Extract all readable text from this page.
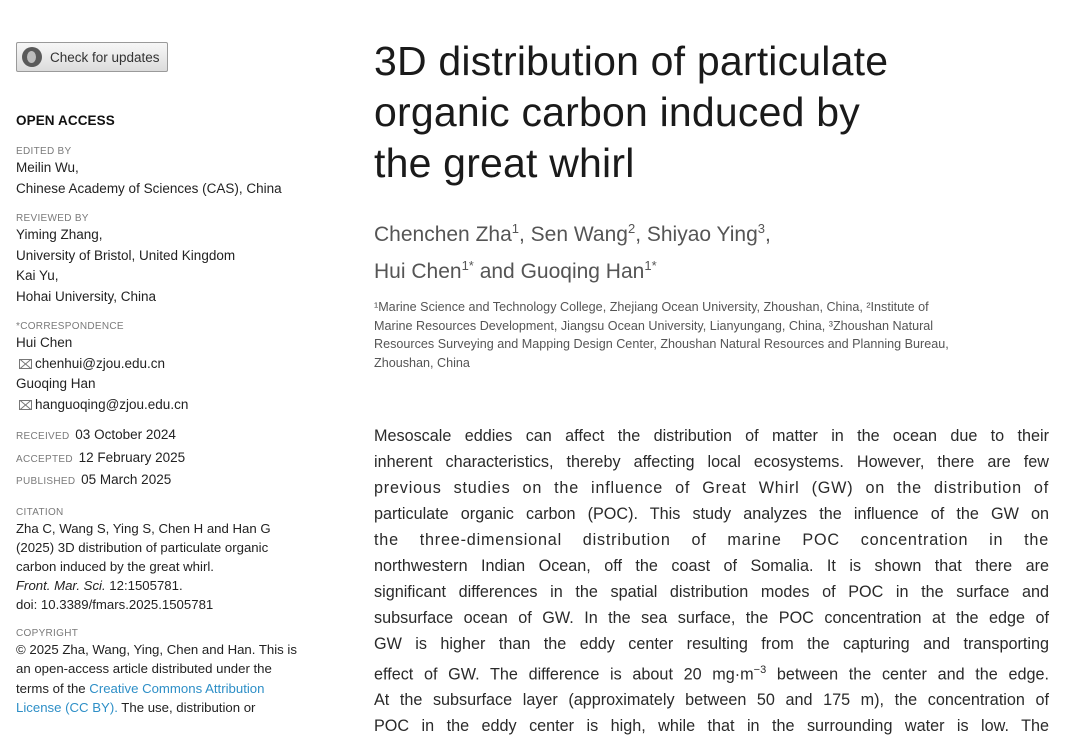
Check for updates
OPEN ACCESS
EDITED BY
Meilin Wu,
Chinese Academy of Sciences (CAS), China
REVIEWED BY
Yiming Zhang,
University of Bristol, United Kingdom
Kai Yu,
Hohai University, China
*CORRESPONDENCE
Hui Chen
chenhui@zjou.edu.cn
Guoqing Han
hanguoqing@zjou.edu.cn
RECEIVED 03 October 2024
ACCEPTED 12 February 2025
PUBLISHED 05 March 2025
CITATION
Zha C, Wang S, Ying S, Chen H and Han G
(2025) 3D distribution of particulate organic
carbon induced by the great whirl.
Front. Mar. Sci. 12:1505781.
doi: 10.3389/fmars.2025.1505781
COPYRIGHT
© 2025 Zha, Wang, Ying, Chen and Han. This is
an open-access article distributed under the
terms of the Creative Commons Attribution
License (CC BY). The use, distribution or
3D distribution of particulate
organic carbon induced by
the great whirl
Chenchen Zha$^1$, Sen Wang$^2$, Shiyao Ying$^3$,
Hui Chen$^{1*}$ and Guoqing Han$^{1*}$
¹Marine Science and Technology College, Zhejiang Ocean University, Zhoushan, China, ²Institute of
Marine Resources Development, Jiangsu Ocean University, Lianyungang, China, ³Zhoushan Natural
Resources Surveying and Mapping Design Center, Zhoushan Natural Resources and Planning Bureau,
Zhoushan, China
Mesoscale eddies can affect the distribution of matter in the ocean due to their
inherent characteristics, thereby affecting local ecosystems. However, there are few
previous studies on the influence of Great Whirl (GW) on the distribution of
particulate organic carbon (POC). This study analyzes the influence of the GW on
the three-dimensional distribution of marine POC concentration in the
northwestern Indian Ocean, off the coast of Somalia. It is shown that there are
significant differences in the spatial distribution modes of POC in the surface and
subsurface ocean of GW. In the sea surface, the POC concentration at the edge of
GW is higher than the eddy center resulting from the capturing and transporting
effect of GW. The difference is about 20 $mg\cdot m^{-3}$ between the center and the edge.
At the subsurface layer (approximately between 50 and 175 m), the concentration of
POC in the eddy center is high, while that in the surrounding water is low. The
